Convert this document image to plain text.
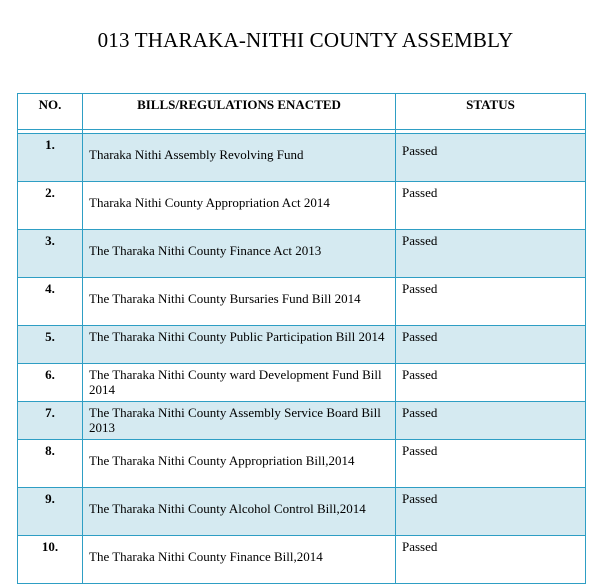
013 THARAKA-NITHI COUNTY ASSEMBLY
NO.	BILLS/REGULATIONS ENACTED	STATUS

1.	Tharaka Nithi Assembly Revolving Fund	Passed
2.	Tharaka Nithi County Appropriation Act 2014	Passed
3.	The Tharaka Nithi County Finance Act 2013	Passed
4.	The Tharaka Nithi County Bursaries Fund Bill 2014	Passed
5.	The Tharaka Nithi County Public Participation Bill 2014	Passed
6.	The Tharaka Nithi County ward Development Fund Bill 2014	Passed
7.	The Tharaka Nithi County Assembly Service Board Bill 2013	Passed
8.	The Tharaka Nithi County Appropriation Bill,2014	Passed
9.	The Tharaka Nithi County Alcohol Control Bill,2014	Passed
10.	The Tharaka Nithi County Finance Bill,2014	Passed
